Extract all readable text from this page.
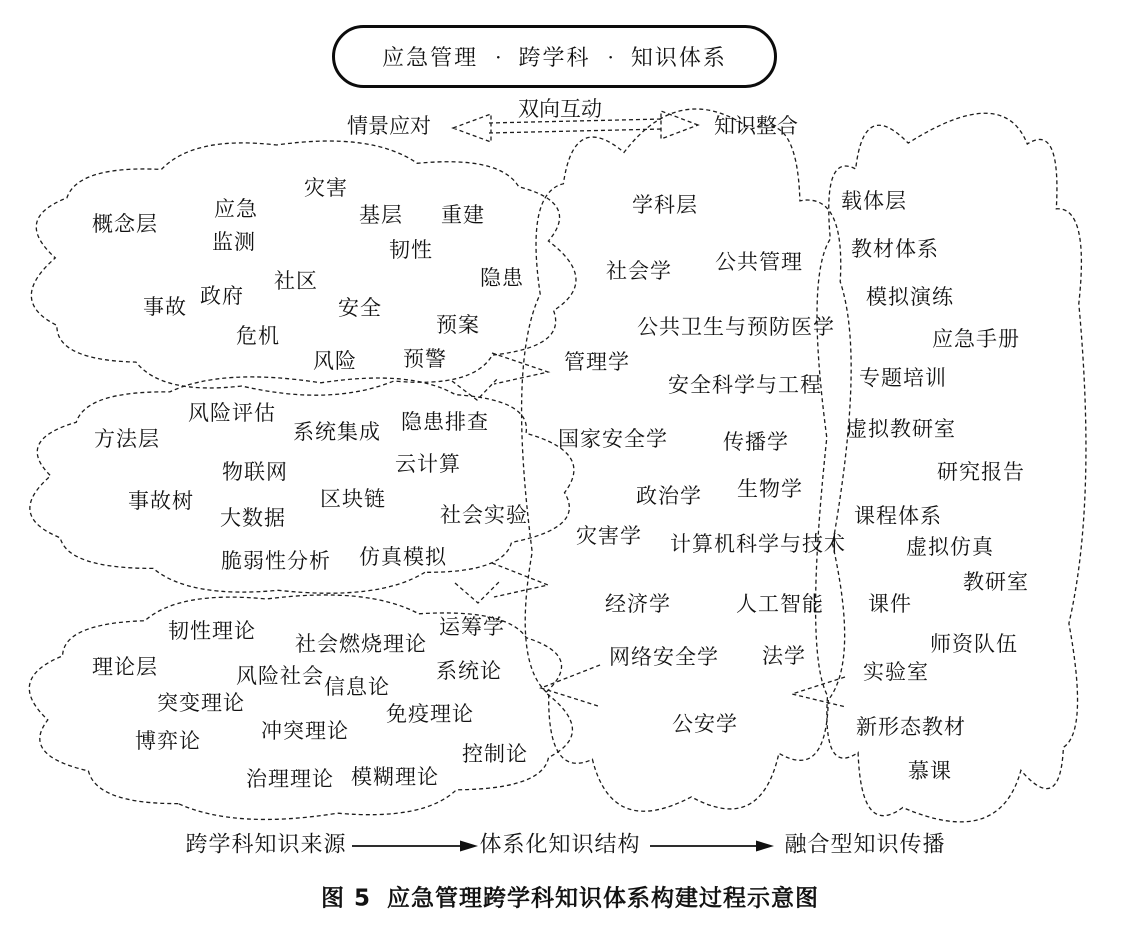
应急管理 · 跨学科 · 知识体系
情景应对
双向互动
知识整合
概念层
灾害
应急	基层 重建
监测	韧性
隐患
社区
政府
事故	安全
预案
危机
风险 预警
方法层
风险评估	隐患排查
系统集成
云计算
物联网
区块链
事故树
社会实验
大数据
仿真模拟
脆弱性分析
理论层
韧性理论
社会燃烧理论
运筹学
系统论
风险社会 信息论
突变理论	免疫理论
冲突理论
博弈论
控制论
模糊理论
治理理论
学科层
社会学 公共管理
公共卫生与预防医学
管理学
安全科学与工程
国家安全学	传播学
生物学
政治学
灾害学 计算机科学与技术
经济学	人工智能
网络安全学 法学
公安学
载体层
教材体系
模拟演练
应急手册
专题培训
虚拟教研室
研究报告
课程体系
虚拟仿真
教研室
课件
师资队伍
实验室
新形态教材
慕课
跨学科知识来源	体系化知识结构	融合型知识传播
图 5 应急管理跨学科知识体系构建过程示意图
